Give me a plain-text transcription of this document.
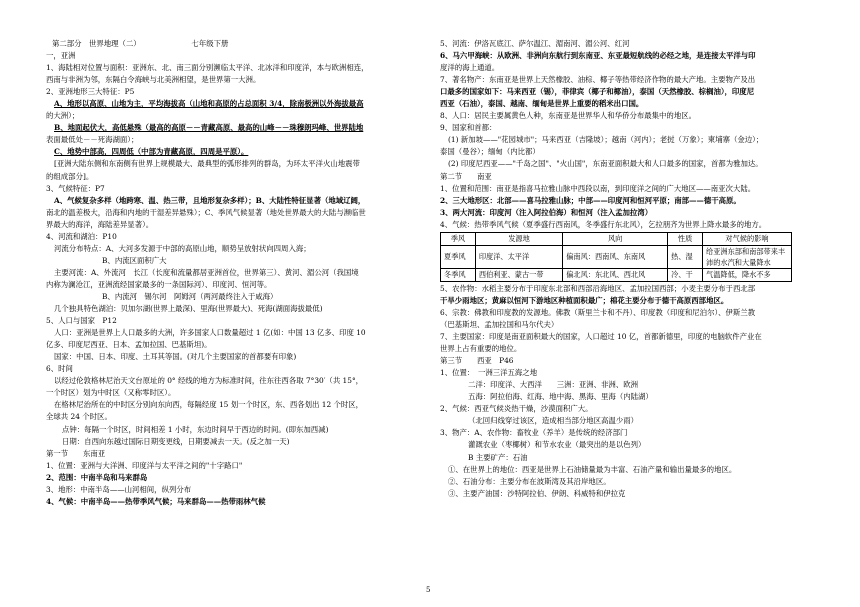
第二部分　世界地理（二）	七年级下册
一，亚洲
1、海陆相对位置与面积：亚洲东、北、南三面分别濒临太平洋、北冰洋和印度洋，本与欧洲相连，
西南与非洲为邻，东隔白令海峡与北美洲相望，是世界第一大洲。
2、亚洲地形三大特征：P5
A、地形以高原、山地为主，平均海拔高（山地和高原的占总面积 3/4，除南极洲以外海拔最高
的大洲）；
B、地面起伏大，高低悬殊（最高的高原－－青藏高原、最高的山峰－－珠穆朗玛峰、世界陆地
表面最低处－－死海湖面）；
C、地势中部高，四周低（中部为青藏高原，四周是平原）。
[亚洲大陆东侧和东南侧有世界上规模最大、最典型的弧形排列的群岛，为环太平洋火山地震带
的组成部分]。
3、气候特征：P7
A、气候复杂多样（地跨寒、温、热三带，且地形复杂多样）；B、大陆性特征显著（地域辽阔，
南北的温差极大，沿海和内地的干湿差异悬殊）；C、季风气候显著（地处世界最大的大陆与濒临世
界最大的海洋，海陆差异显著）。
4、河流和湖泊：P10
河流分布特点：A、大河多发源于中部的高原山地，顺势呈放射状向四周入海；
B、内流区面积广大
主要河流：A、外流河　长江（长度和流量都居亚洲首位，世界第三）、黄河、湄公河（我国境
内称为澜沧江，亚洲流经国家最多的一条国际河）、印度河、恒河等。
B、内流河　锡尔河　阿姆河（两河最终注入于咸海）
几个独具特色湖泊：贝加尔湖(世界上最深)、里海(世界最大)、死海(湖面海拔最低)
5、人口与国家　P12
人口：亚洲是世界上人口最多的大洲，许多国家人口数量超过 1 亿(如：中国 13 亿多、印度 10
亿多、印度尼西亚、日本、孟加拉国、巴基斯坦)。
国家：中国、日本、印度、土耳其等国。(对几个主要国家的首都要有印象)
6、时间
以经过伦敦格林尼治天文台原址的 0° 经线的地方为标准时间，往东往西各取 7°30′（共 15°，
一个时区）划为中时区（又称零时区）。
在格林尼治所在的中时区分别向东向西，每隔经度 15 划一个时区，东、西各划出 12 个时区，
全球共 24 个时区。
点钟：每隔一个时区，时间相差 1 小时，东边时间早于西边的时间。(即东加西减)
日期：自西向东越过国际日期变更线，日期要减去一天。(反之加一天)
第一节　　东南亚
1、位置：亚洲与大洋洲、印度洋与太平洋之间的"十字路口"
2、范围：中南半岛和马来群岛
3、地形：中南半岛——山河相间，纵列分布
4、气候：中南半岛——热带季风气候；马来群岛——热带雨林气候
5、河流：伊洛瓦底江、萨尔温江、湄南河、湄公河、红河
6、马六甲海峡：从欧洲、非洲向东航行到东南亚、东亚最短航线的必经之地，是连接太平洋与印
度洋的海上通道。
7、著名物产：东南亚是世界上天然橡胶、油棕、椰子等热带经济作物的最大产地。主要物产及出
口最多的国家如下：马来西亚（锡），菲律宾（椰子和椰油），泰国（天然橡胶、棕榈油），印度尼
西亚（石油），泰国、越南、缅甸是世界上重要的稻米出口国。
8、人口：居民主要属黄色人种，东南亚是世界华人和华侨分布最集中的地区。
9、国家和首都：
(1) 新加坡——"花园城市"；马来西亚（吉隆坡）；越南（河内）；老挝（万象）；柬埔寨（金边）；
泰国（曼谷）；缅甸（内比都）
(2) 印度尼西亚——"千岛之国"、"火山国"，东南亚面积最大和人口最多的国家，首都为雅加达。
第二节　　南亚
1、位置和范围：南亚是指喜马拉雅山脉中西段以南，到印度洋之间的广大地区——南亚次大陆。
2、三大地形区：北部——喜马拉雅山脉；中部——印度河和恒河平原；南部——德干高原。
3、两大河流：印度河（注入阿拉伯海）和恒河（注入孟加拉湾）
4、气候：热带季风气候（夏季盛行西南风，冬季盛行东北风），乞拉朋齐为世界上降水最多的地方。
季风	发源地	风向	性质	对气候的影响
夏季风	印度洋、太平洋	偏南风：西南风、东南风	热、湿	给亚洲东部和南部带来丰沛的水汽和大量降水
冬季风	西伯利亚、蒙古一带	偏北风：东北风、西北风	冷、干	气温降低，降水不多
5、农作物：水稻主要分布于印度东北部和西部沿海地区、孟加拉国西部；小麦主要分布于西北部
干旱少雨地区；黄麻以恒河下游地区种植面积最广；棉花主要分布于德干高原西部地区。
6、宗教：佛教和印度教的发源地。佛教（斯里兰卡和不丹）、印度教（印度和尼泊尔）、伊斯兰教
（巴基斯坦、孟加拉国和马尔代夫）
7、主要国家：印度是南亚面积最大的国家，人口超过 10 亿，首都新德里，印度的电脑软件产业在
世界上占有重要的地位。
第三节　　西亚　P46
1、位置：　一洲三洋五海之地
二洋：印度洋、大西洋　　三洲：亚洲、非洲、欧洲
五海：阿拉伯海、红海、地中海、黑海、里海（内陆湖）
2、气候：西亚气候炎热干燥，沙漠面积广大。
（北回归线穿过该区，造成相当部分地区高温少雨）
3、物产：A、农作物：畜牧业（养羊）是传统的经济部门
灌溉农业（枣椰树）和节水农业（最突出的是以色列）
B 主要矿产：石油
①、在世界上的地位：西亚是世界上石油储量最为丰富、石油产量和输出量最多的地区。
②、石油分布：主要分布在波斯湾及其沿岸地区。
③、主要产油国：沙特阿拉伯、伊朗、科威特和伊拉克
5
